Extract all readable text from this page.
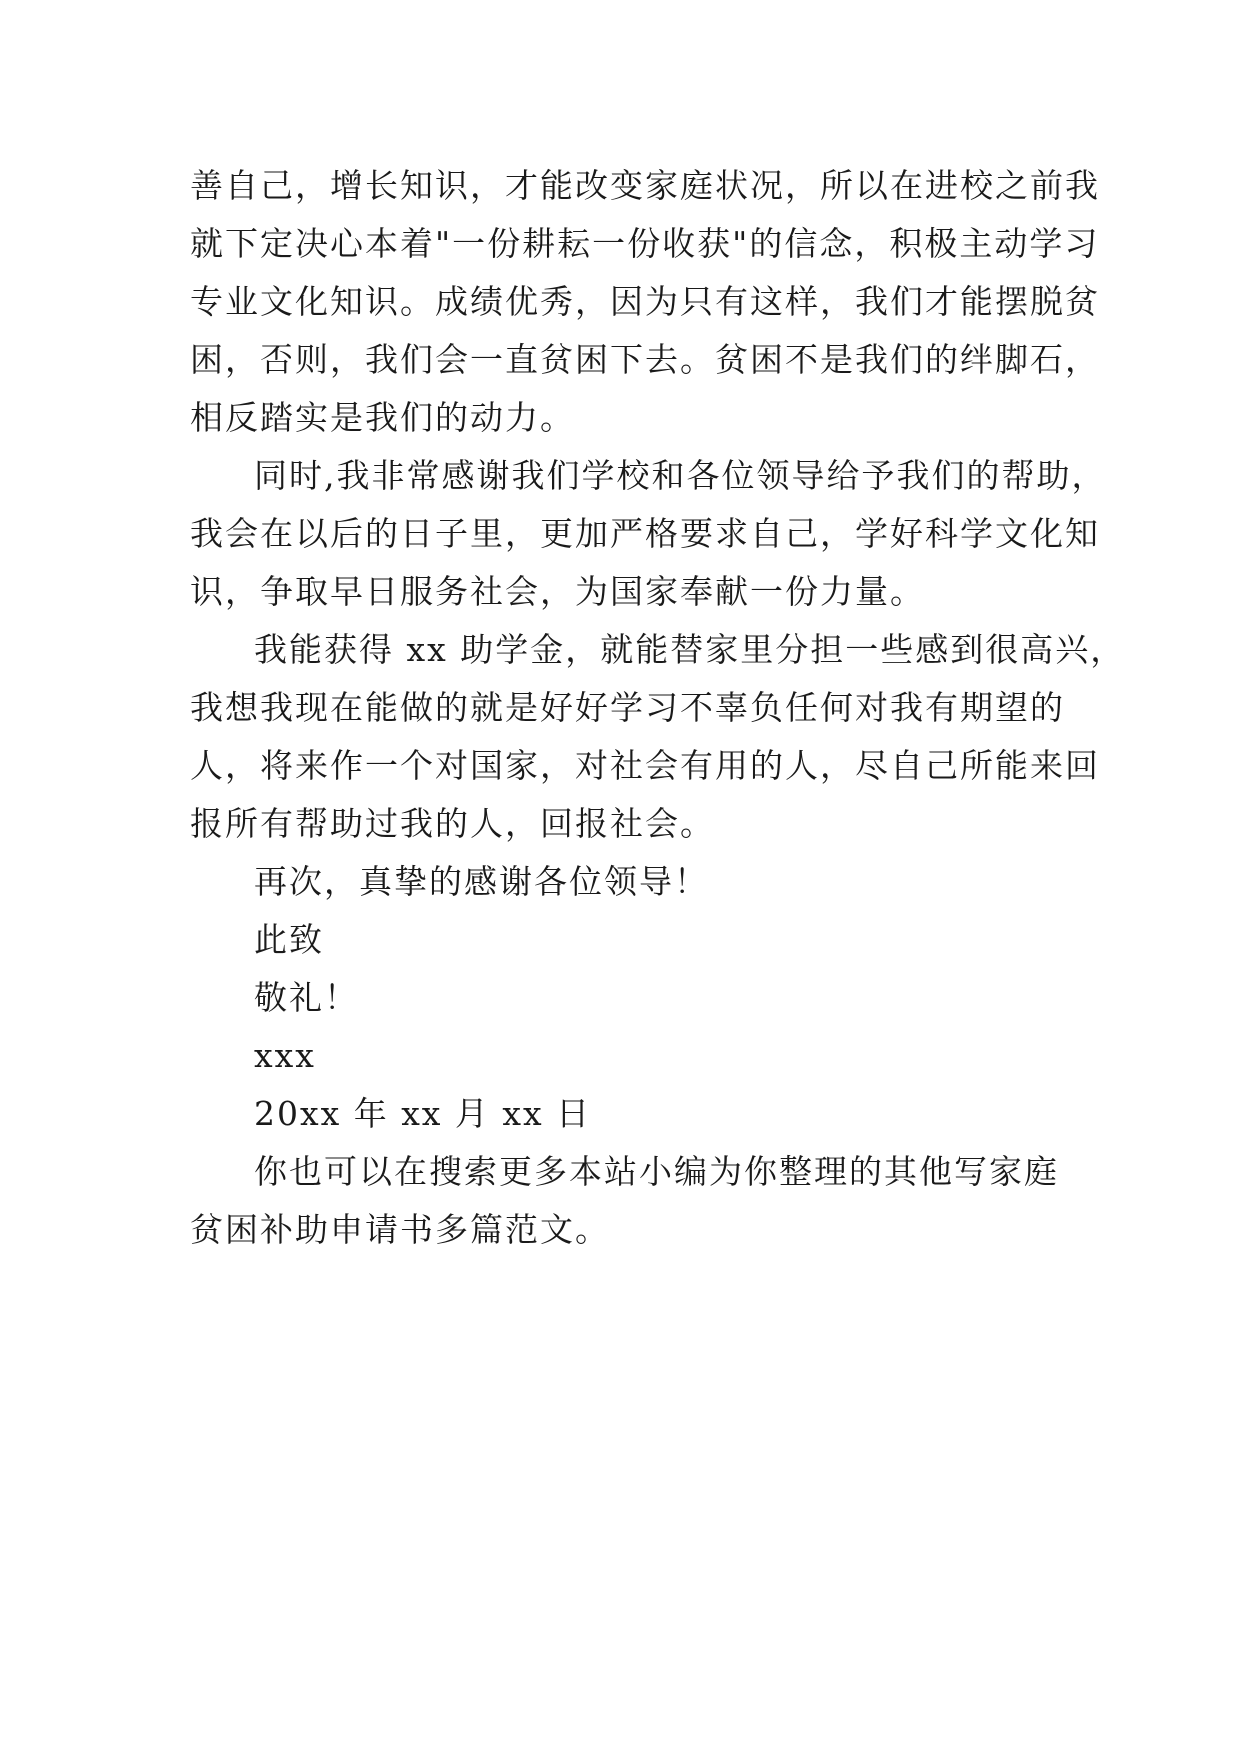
善自己，增长知识，才能改变家庭状况，所以在进校之前我
就下定决心本着"一份耕耘一份收获"的信念，积极主动学习
专业文化知识。成绩优秀，因为只有这样，我们才能摆脱贫
困，否则，我们会一直贫困下去。贫困不是我们的绊脚石，
相反踏实是我们的动力。
同时,我非常感谢我们学校和各位领导给予我们的帮助，
我会在以后的日子里，更加严格要求自己，学好科学文化知
识，争取早日服务社会，为国家奉献一份力量。
我能获得 xx 助学金，就能替家里分担一些感到很高兴，
我想我现在能做的就是好好学习不辜负任何对我有期望的
人，将来作一个对国家，对社会有用的人，尽自己所能来回
报所有帮助过我的人，回报社会。
再次，真挚的感谢各位领导！
此致
敬礼！
xxx
20xx 年 xx 月 xx 日
你也可以在搜索更多本站小编为你整理的其他写家庭
贫困补助申请书多篇范文。
